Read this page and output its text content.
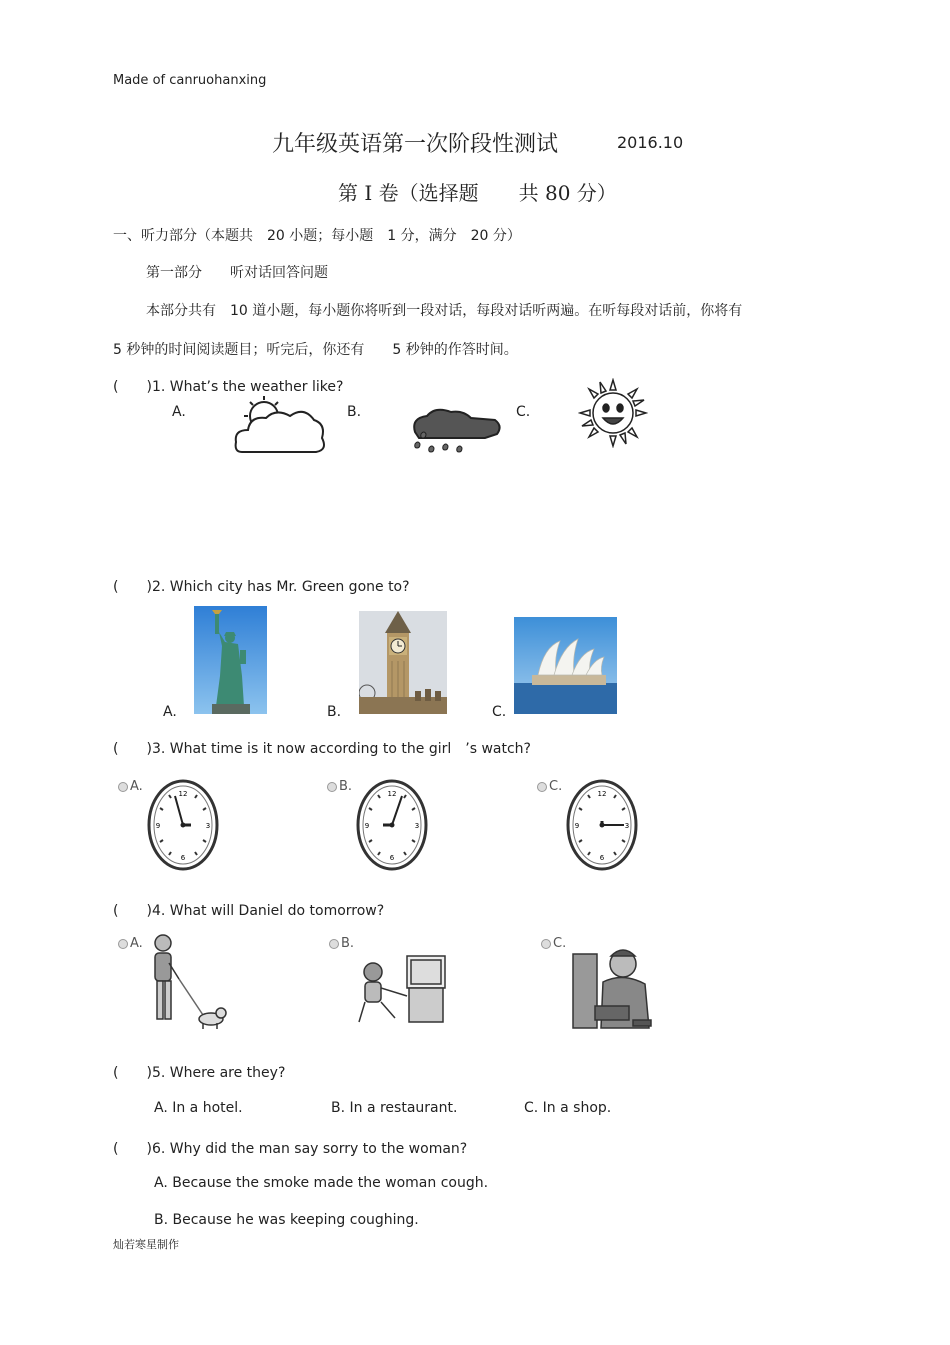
Made of canruohanxing
九年级英语第一次阶段性测试	2016.10
第 I 卷（选择题　　共 80 分）
一、听力部分（本题共　20 小题；每小题　1 分，满分　20 分）
第一部分　　听对话回答问题
本部分共有　10 道小题，每小题你将听到一段对话，每段对话听两遍。在听每段对话前，你将有
5 秒钟的时间阅读题目；听完后，你还有　　5 秒钟的作答时间。
(　　)1. What’s the weather like?
A.	B.	C.
(　　)2. Which city has Mr. Green gone to?
A.	B.	C.
(　　)3. What time is it now according to the girl　’s watch?
A.	B.	C.
12
3
6
9
12
3
6
9
12
3
6
9
(　　)4. What will Daniel do tomorrow?
A.	B.	C.
(　　)5. Where are they?
A. In a hotel.	B. In a restaurant.	C. In a shop.
(　　)6. Why did the man say sorry to the woman?
A. Because the smoke made the woman cough.
B. Because he was keeping coughing.
灿若寒星制作
